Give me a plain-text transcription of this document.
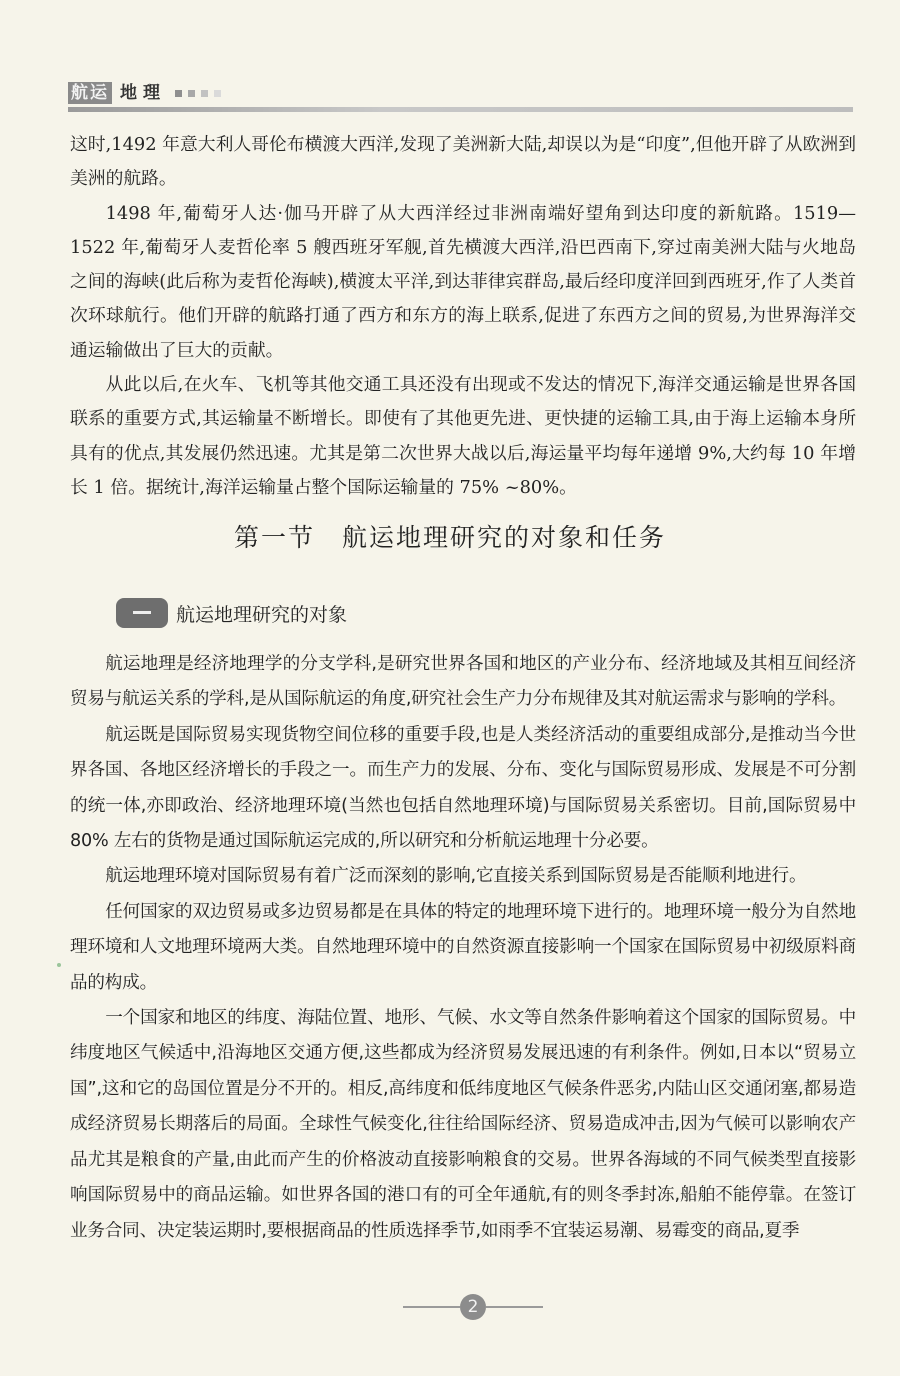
航运 地理

这时,1492 年意大利人哥伦布横渡大西洋,发现了美洲新大陆,却误以为是“印度”,但他开辟了从欧洲到美洲的航路。

1498 年,葡萄牙人达·伽马开辟了从大西洋经过非洲南端好望角到达印度的新航路。1519—1522 年,葡萄牙人麦哲伦率 5 艘西班牙军舰,首先横渡大西洋,沿巴西南下,穿过南美洲大陆与火地岛之间的海峡(此后称为麦哲伦海峡),横渡太平洋,到达菲律宾群岛,最后经印度洋回到西班牙,作了人类首次环球航行。他们开辟的航路打通了西方和东方的海上联系,促进了东西方之间的贸易,为世界海洋交通运输做出了巨大的贡献。

从此以后,在火车、飞机等其他交通工具还没有出现或不发达的情况下,海洋交通运输是世界各国联系的重要方式,其运输量不断增长。即使有了其他更先进、更快捷的运输工具,由于海上运输本身所具有的优点,其发展仍然迅速。尤其是第二次世界大战以后,海运量平均每年递增 9%,大约每 10 年增长 1 倍。据统计,海洋运输量占整个国际运输量的 75% ~80%。

第一节　航运地理研究的对象和任务
航运地理研究的对象

航运地理是经济地理学的分支学科,是研究世界各国和地区的产业分布、经济地域及其相互间经济贸易与航运关系的学科,是从国际航运的角度,研究社会生产力分布规律及其对航运需求与影响的学科。

航运既是国际贸易实现货物空间位移的重要手段,也是人类经济活动的重要组成部分,是推动当今世界各国、各地区经济增长的手段之一。而生产力的发展、分布、变化与国际贸易形成、发展是不可分割的统一体,亦即政治、经济地理环境(当然也包括自然地理环境)与国际贸易关系密切。目前,国际贸易中 80% 左右的货物是通过国际航运完成的,所以研究和分析航运地理十分必要。

航运地理环境对国际贸易有着广泛而深刻的影响,它直接关系到国际贸易是否能顺利地进行。

任何国家的双边贸易或多边贸易都是在具体的特定的地理环境下进行的。地理环境一般分为自然地理环境和人文地理环境两大类。自然地理环境中的自然资源直接影响一个国家在国际贸易中初级原料商品的构成。

一个国家和地区的纬度、海陆位置、地形、气候、水文等自然条件影响着这个国家的国际贸易。中纬度地区气候适中,沿海地区交通方便,这些都成为经济贸易发展迅速的有利条件。例如,日本以“贸易立国”,这和它的岛国位置是分不开的。相反,高纬度和低纬度地区气候条件恶劣,内陆山区交通闭塞,都易造成经济贸易长期落后的局面。全球性气候变化,往往给国际经济、贸易造成冲击,因为气候可以影响农产品尤其是粮食的产量,由此而产生的价格波动直接影响粮食的交易。世界各海域的不同气候类型直接影响国际贸易中的商品运输。如世界各国的港口有的可全年通航,有的则冬季封冻,船舶不能停靠。在签订业务合同、决定装运期时,要根据商品的性质选择季节,如雨季不宜装运易潮、易霉变的商品,夏季

2
